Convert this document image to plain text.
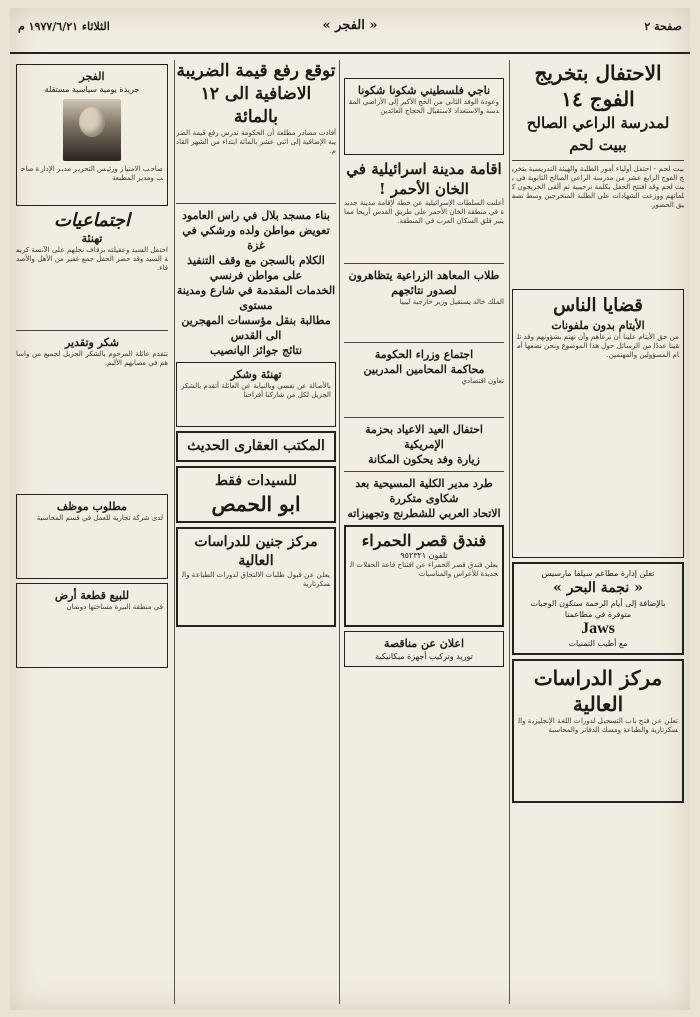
صفحة ٢
« الفجر »
الثلاثاء ١٩٧٧/٦/٢١ م
الاحتفال بتخريج الفوج ١٤
لمدرسة الراعي الصالح ببيت لحم
بيت لحم - احتفل أولياء أمور الطلبة والهيئة التدريسية بتخريج الفوج الرابع عشر من مدرسة الراعي الصالح الثانوية في بيت لحم وقد افتتح الحفل بكلمة ترحيبية ثم ألقى الخريجون كلماتهم ووزعت الشهادات على الطلبة المتخرجين وسط تصفيق الحضور.
قضايا الناس
الأيتام بدون ملفونات
من حق الأيتام علينا أن نرعاهم وأن نهتم بشؤونهم وقد تلقينا عددًا من الرسائل حول هذا الموضوع ونحن نضعها أمام المسؤولين والمهتمين.
تعلن إدارة مطاعم سيلفا مارسيس
« نجمة البحر »
بالإضافة إلى أيام الرحمة ستكون الوجبات متوفرة في مطاعمنا
Jaws
مع أطيب التمنيات
مركز الدراسات العالية
تعلن عن فتح باب التسجيل لدورات اللغة الإنجليزية والسكرتارية والطباعة ومسك الدفاتر والمحاسبة
ناجي فلسطيني شكونا شكونا
وعودة الوفد الثاني من الحج الأكبر إلى الأراضي المقدسة والاستعداد لاستقبال الحجاج العائدين
اقامة مدينة اسرائيلية في الخان الأحمر !
أعلنت السلطات الإسرائيلية عن خطة لإقامة مدينة جديدة في منطقة الخان الأحمر على طريق القدس أريحا مما يثير قلق السكان العرب في المنطقة.
طلاب المعاهد الزراعية يتظاهرون لصدور نتائجهم
الملك خالد يستقبل وزير خارجية ليبيا
اجتماع وزراء الحكومة
محاكمة المحامين المدربين
تعاون اقتصادي
احتفال العيد الاعياد بحزمة الإمريكية
زيارة وفد يحكون المكانة
طرد مدير الكلية المسيحية بعد شكاوى متكررة
الاتحاد العربي للشطرنج وتجهيزاته
فندق قصر الحمراء
تلفون ٩٥٢٣٢١
يعلن فندق قصر الحمراء عن افتتاح قاعة الحفلات الجديدة للأعراس والمناسبات
اعلان عن مناقصة
توريد وتركيب أجهزة ميكانيكية
توقع رفع قيمة الضريبة
الاضافية الى ١٢ بالمائة
أفادت مصادر مطلعة أن الحكومة تدرس رفع قيمة الضريبة الإضافية إلى اثني عشر بالمائة ابتداء من الشهر القادم.
بناء مسجد بلال في راس العامود
تعويض مواطن ولده ورشكي في غزة
الكلام بالسجن مع وقف التنفيذ على مواطن فرنسي
الخدمات المقدمة في شارع ومدينة مستوى
مطالبة بنقل مؤسسات المهجرين الى القدس
نتائج جوائز اليانصيب
تهنئة وشكر
بالأصالة عن نفسي وبالنيابة عن العائلة أتقدم بالشكر الجزيل لكل من شاركنا أفراحنا
المكتب العقارى الحديث
للسيدات فقط
ابو الحمص
مركز جنين للدراسات العالية
يعلن عن قبول طلبات الالتحاق لدورات الطباعة والسكرتارية
الفجر
جريدة يومية سياسية مستقلة
صاحب الامتياز ورئيس التحرير مدير الإدارة صاحب ومدير المطبعة
اجتماعيات
تهنئة
احتفل السيد وعقيلته بزفاف نجلهم على الآنسة كريمة السيد وقد حضر الحفل جمع غفير من الأهل والأصدقاء.
شكر وتقدير
تتقدم عائلة المرحوم بالشكر الجزيل لجميع من واساهم في مصابهم الأليم.
مطلوب موظف
لدى شركة تجارية للعمل في قسم المحاسبة
للبيع قطعة أرض
في منطقة البيرة مساحتها دونمان
